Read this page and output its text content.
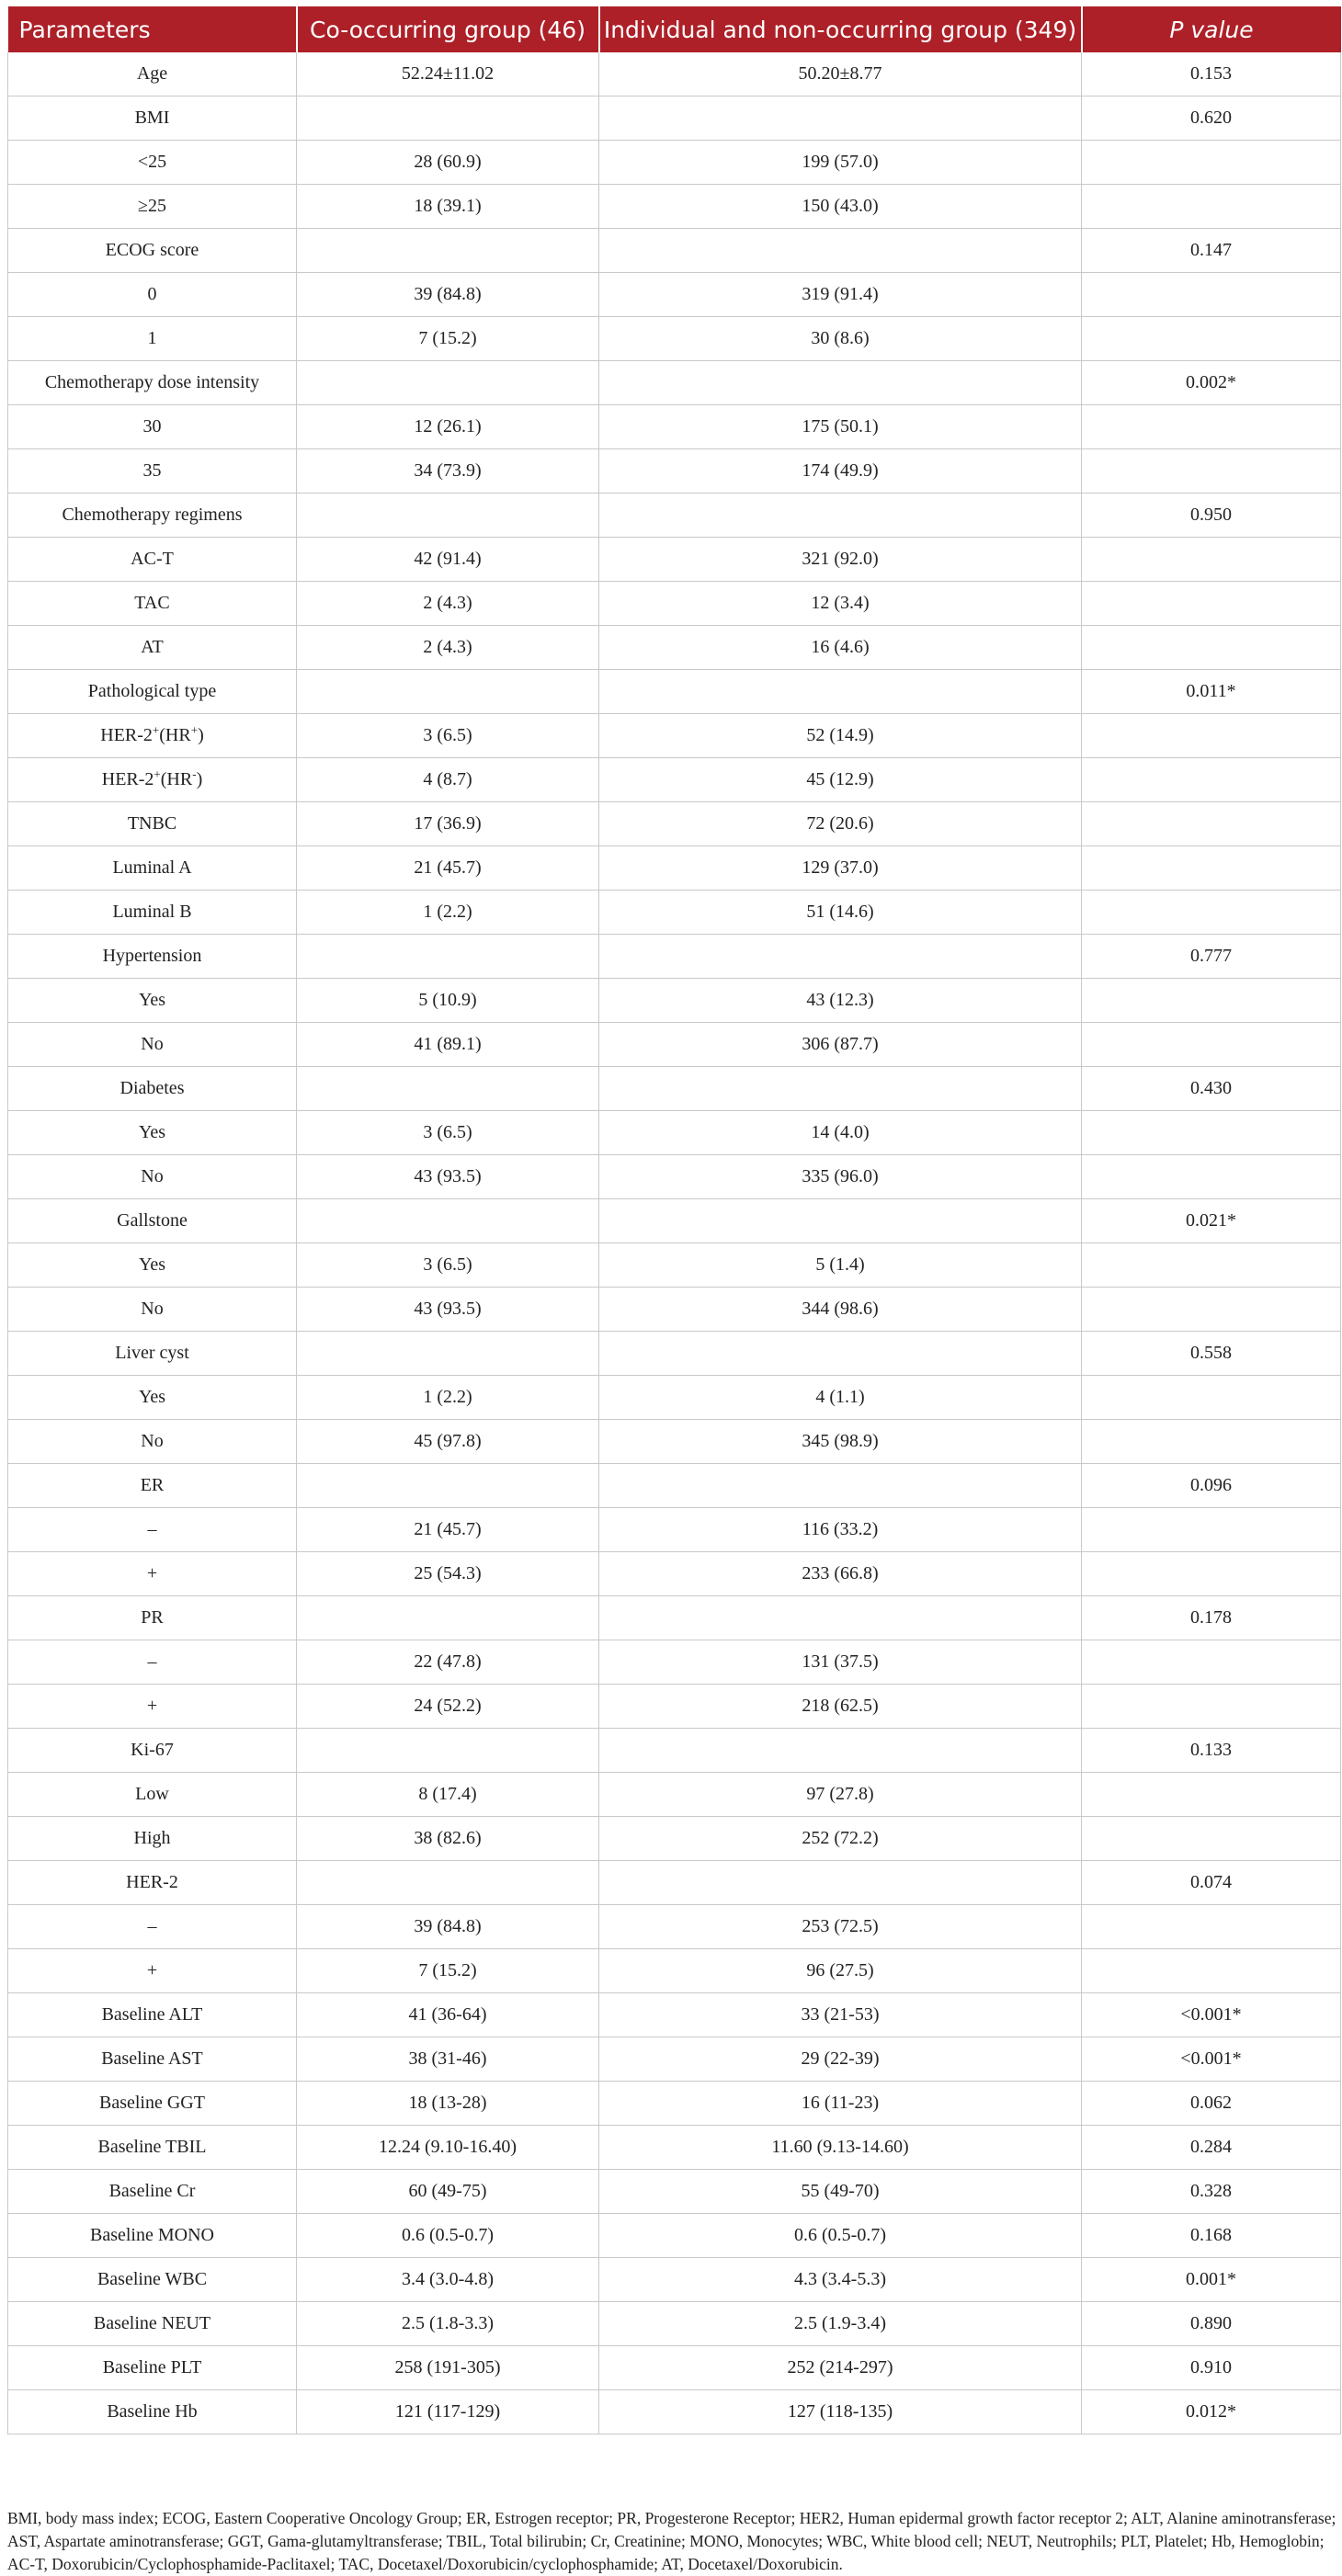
Parameters	Co-occurring group (46)	Individual and non-occurring group (349)	P value
Age	52.24±11.02	50.20±8.77	0.153
BMI			0.620
<25	28 (60.9)	199 (57.0)	
≥25	18 (39.1)	150 (43.0)	
ECOG score			0.147
0	39 (84.8)	319 (91.4)	
1	7 (15.2)	30 (8.6)	
Chemotherapy dose intensity			0.002*
30	12 (26.1)	175 (50.1)	
35	34 (73.9)	174 (49.9)	
Chemotherapy regimens			0.950
AC-T	42 (91.4)	321 (92.0)	
TAC	2 (4.3)	12 (3.4)	
AT	2 (4.3)	16 (4.6)	
Pathological type			0.011*
HER-2+(HR+)	3 (6.5)	52 (14.9)	
HER-2+(HR-)	4 (8.7)	45 (12.9)	
TNBC	17 (36.9)	72 (20.6)	
Luminal A	21 (45.7)	129 (37.0)	
Luminal B	1 (2.2)	51 (14.6)	
Hypertension			0.777
Yes	5 (10.9)	43 (12.3)	
No	41 (89.1)	306 (87.7)	
Diabetes			0.430
Yes	3 (6.5)	14 (4.0)	
No	43 (93.5)	335 (96.0)	
Gallstone			0.021*
Yes	3 (6.5)	5 (1.4)	
No	43 (93.5)	344 (98.6)	
Liver cyst			0.558
Yes	1 (2.2)	4 (1.1)	
No	45 (97.8)	345 (98.9)	
ER			0.096
–	21 (45.7)	116 (33.2)	
+	25 (54.3)	233 (66.8)	
PR			0.178
–	22 (47.8)	131 (37.5)	
+	24 (52.2)	218 (62.5)	
Ki-67			0.133
Low	8 (17.4)	97 (27.8)	
High	38 (82.6)	252 (72.2)	
HER-2			0.074
–	39 (84.8)	253 (72.5)	
+	7 (15.2)	96 (27.5)	
Baseline ALT	41 (36-64)	33 (21-53)	<0.001*
Baseline AST	38 (31-46)	29 (22-39)	<0.001*
Baseline GGT	18 (13-28)	16 (11-23)	0.062
Baseline TBIL	12.24 (9.10-16.40)	11.60 (9.13-14.60)	0.284
Baseline Cr	60 (49-75)	55 (49-70)	0.328
Baseline MONO	0.6 (0.5-0.7)	0.6 (0.5-0.7)	0.168
Baseline WBC	3.4 (3.0-4.8)	4.3 (3.4-5.3)	0.001*
Baseline NEUT	2.5 (1.8-3.3)	2.5 (1.9-3.4)	0.890
Baseline PLT	258 (191-305)	252 (214-297)	0.910
Baseline Hb	121 (117-129)	127 (118-135)	0.012*
BMI, body mass index; ECOG, Eastern Cooperative Oncology Group; ER, Estrogen receptor; PR, Progesterone Receptor; HER2, Human epidermal growth factor receptor 2; ALT, Alanine aminotransferase; AST, Aspartate aminotransferase; GGT, Gama-glutamyltransferase; TBIL, Total bilirubin; Cr, Creatinine; MONO, Monocytes; WBC, White blood cell; NEUT, Neutrophils; PLT, Platelet; Hb, Hemoglobin; AC-T, Doxorubicin/Cyclophosphamide-Paclitaxel; TAC, Docetaxel/Doxorubicin/cyclophosphamide; AT, Docetaxel/Doxorubicin.
